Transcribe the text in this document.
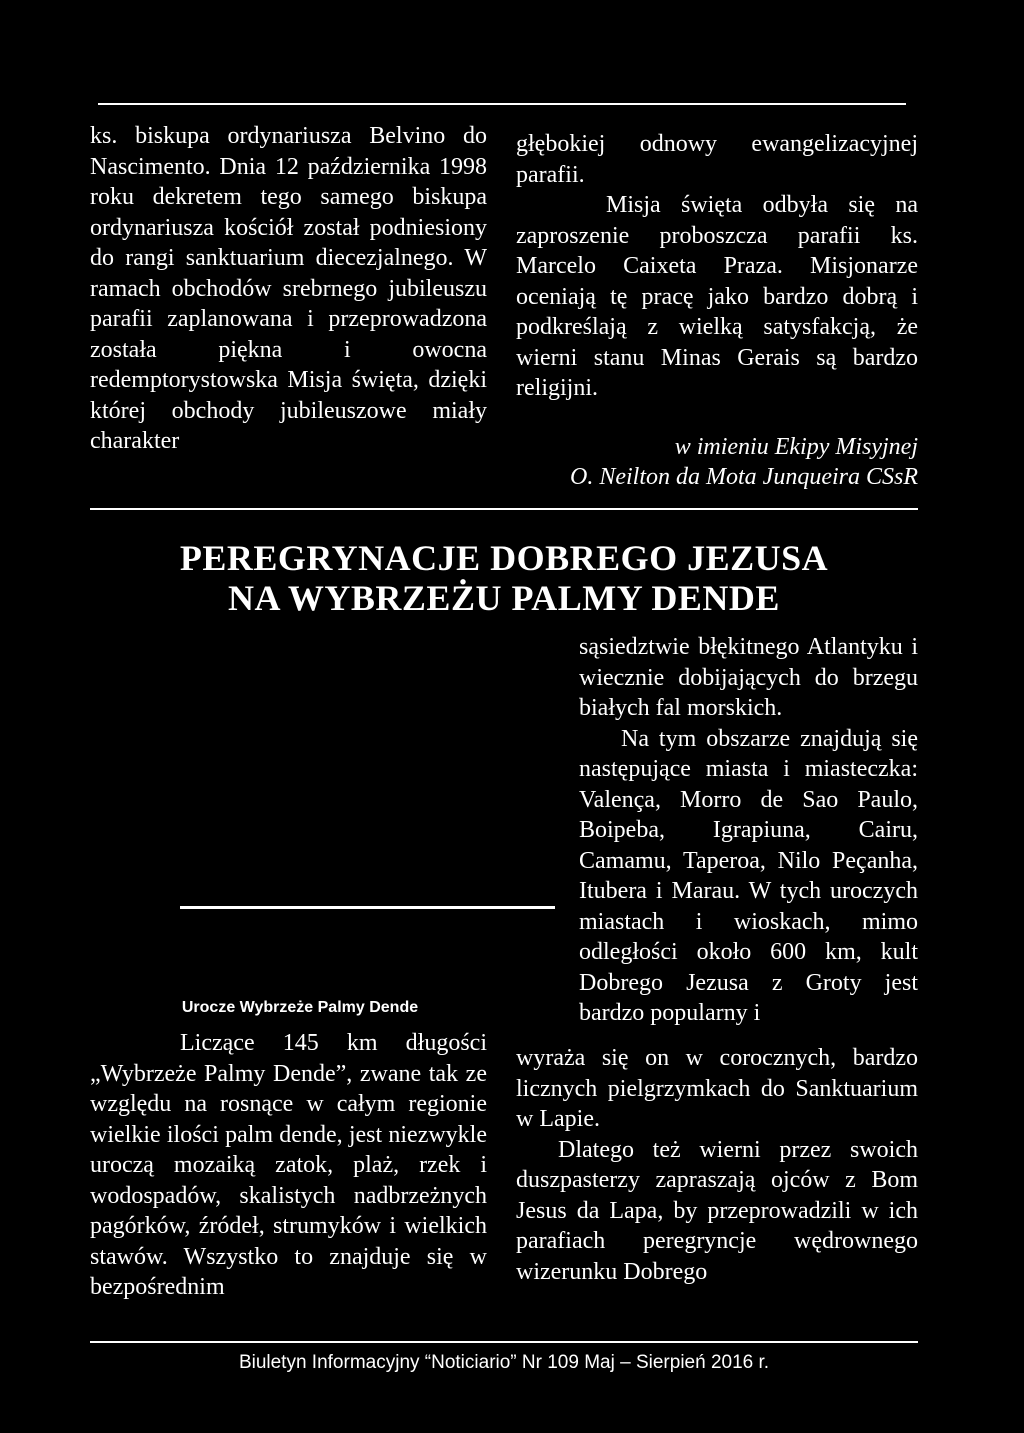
ks. biskupa ordynariusza Belvino do Nascimento. Dnia 12 października 1998 roku dekretem tego samego biskupa ordynariusza kościół został podniesiony do rangi sanktuarium diecezjalnego. W ramach obchodów srebrnego jubileuszu parafii zaplanowana i przeprowadzona została piękna i owocna redemptorystowska Misja święta, dzięki której obchody jubileuszowe miały charakter

głębokiej odnowy ewangelizacyjnej parafii.

Misja święta odbyła się na zaproszenie proboszcza parafii ks. Marcelo Caixeta Praza. Misjonarze oceniają tę pracę jako bardzo dobrą i podkreślają z wielką satysfakcją, że wierni stanu Minas Gerais są bardzo religijni.

w imieniu Ekipy Misyjnej
O. Neilton da Mota Junqueira CSsR
PEREGRYNACJE DOBREGO JEZUSA
NA WYBRZEŻU PALMY DENDE
Urocze Wybrzeże Palmy Dende

Liczące 145 km długości „Wybrzeże Palmy Dende”, zwane tak ze względu na rosnące w całym regionie wielkie ilości palm dende, jest niezwykle uroczą mozaiką zatok, plaż, rzek i wodospadów, skalistych nadbrzeżnych pagórków, źródeł, strumyków i wielkich stawów. Wszystko to znajduje się w bezpośrednim

sąsiedztwie błękitnego Atlantyku i wiecznie dobijających do brzegu białych fal morskich.

Na tym obszarze znajdują się następujące miasta i miasteczka: Valença, Morro de Sao Paulo, Boipeba, Igrapiuna, Cairu, Camamu, Taperoa, Nilo Peçanha, Itubera i Marau. W tych uroczych miastach i wioskach, mimo odległości około 600 km, kult Dobrego Jezusa z Groty jest bardzo popularny i

wyraża się on w corocznych, bardzo licznych pielgrzymkach do Sanktuarium w Lapie.

Dlatego też wierni przez swoich duszpasterzy zapraszają ojców z Bom Jesus da Lapa, by przeprowadzili w ich parafiach peregryncje wędrownego wizerunku Dobrego

Biuletyn Informacyjny “Noticiario” Nr 109 Maj – Sierpień 2016 r.
